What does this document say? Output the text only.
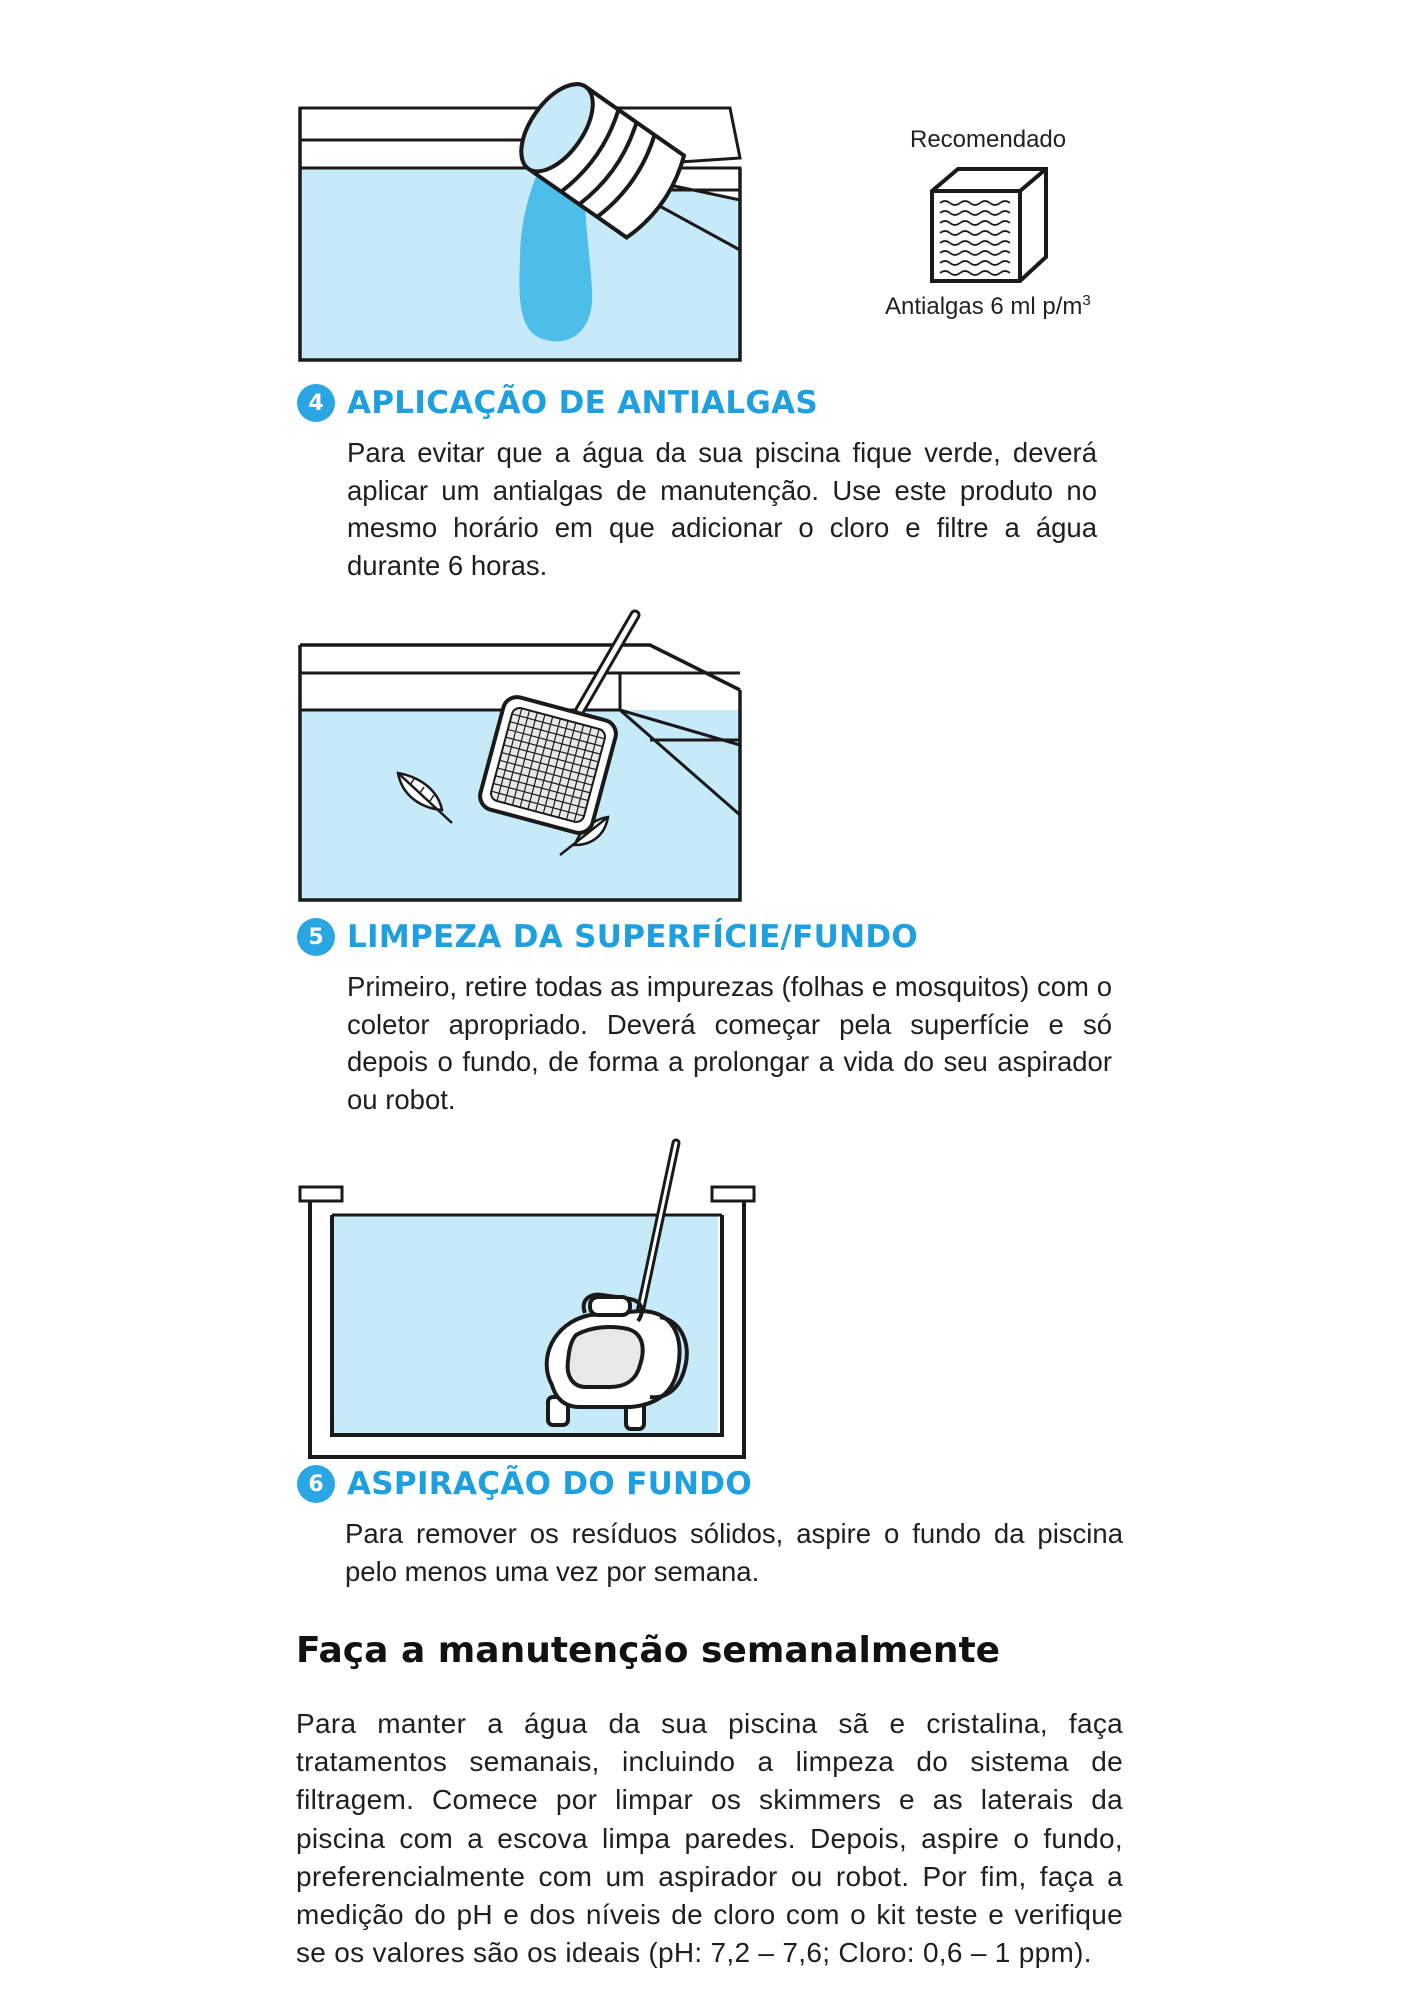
Recomendado
Antialgas 6 ml $p/m^3$
4 APLICAÇÃO DE ANTIALGAS
Para evitar que a água da sua piscina fique verde, deverá aplicar um antialgas de manutenção. Use este produto no mesmo horário em que adicionar o cloro e filtre a água durante 6 horas.
5 LIMPEZA DA SUPERFÍCIE/FUNDO
Primeiro, retire todas as impurezas (folhas e mosquitos) com o coletor apropriado. Deverá começar pela superfície e só depois o fundo, de forma a prolongar a vida do seu aspirador ou robot.
6 ASPIRAÇÃO DO FUNDO
Para remover os resíduos sólidos, aspire o fundo da piscina pelo menos uma vez por semana.
Faça a manutenção semanalmente
Para manter a água da sua piscina sã e cristalina, faça tratamentos semanais, incluindo a limpeza do sistema de filtragem. Comece por limpar os skimmers e as laterais da piscina com a escova limpa paredes. Depois, aspire o fundo, preferencialmente com um aspirador ou robot. Por fim, faça a medição do pH e dos níveis de cloro com o kit teste e verifique se os valores são os ideais (pH: 7,2 – 7,6; Cloro: 0,6 – 1 ppm).
